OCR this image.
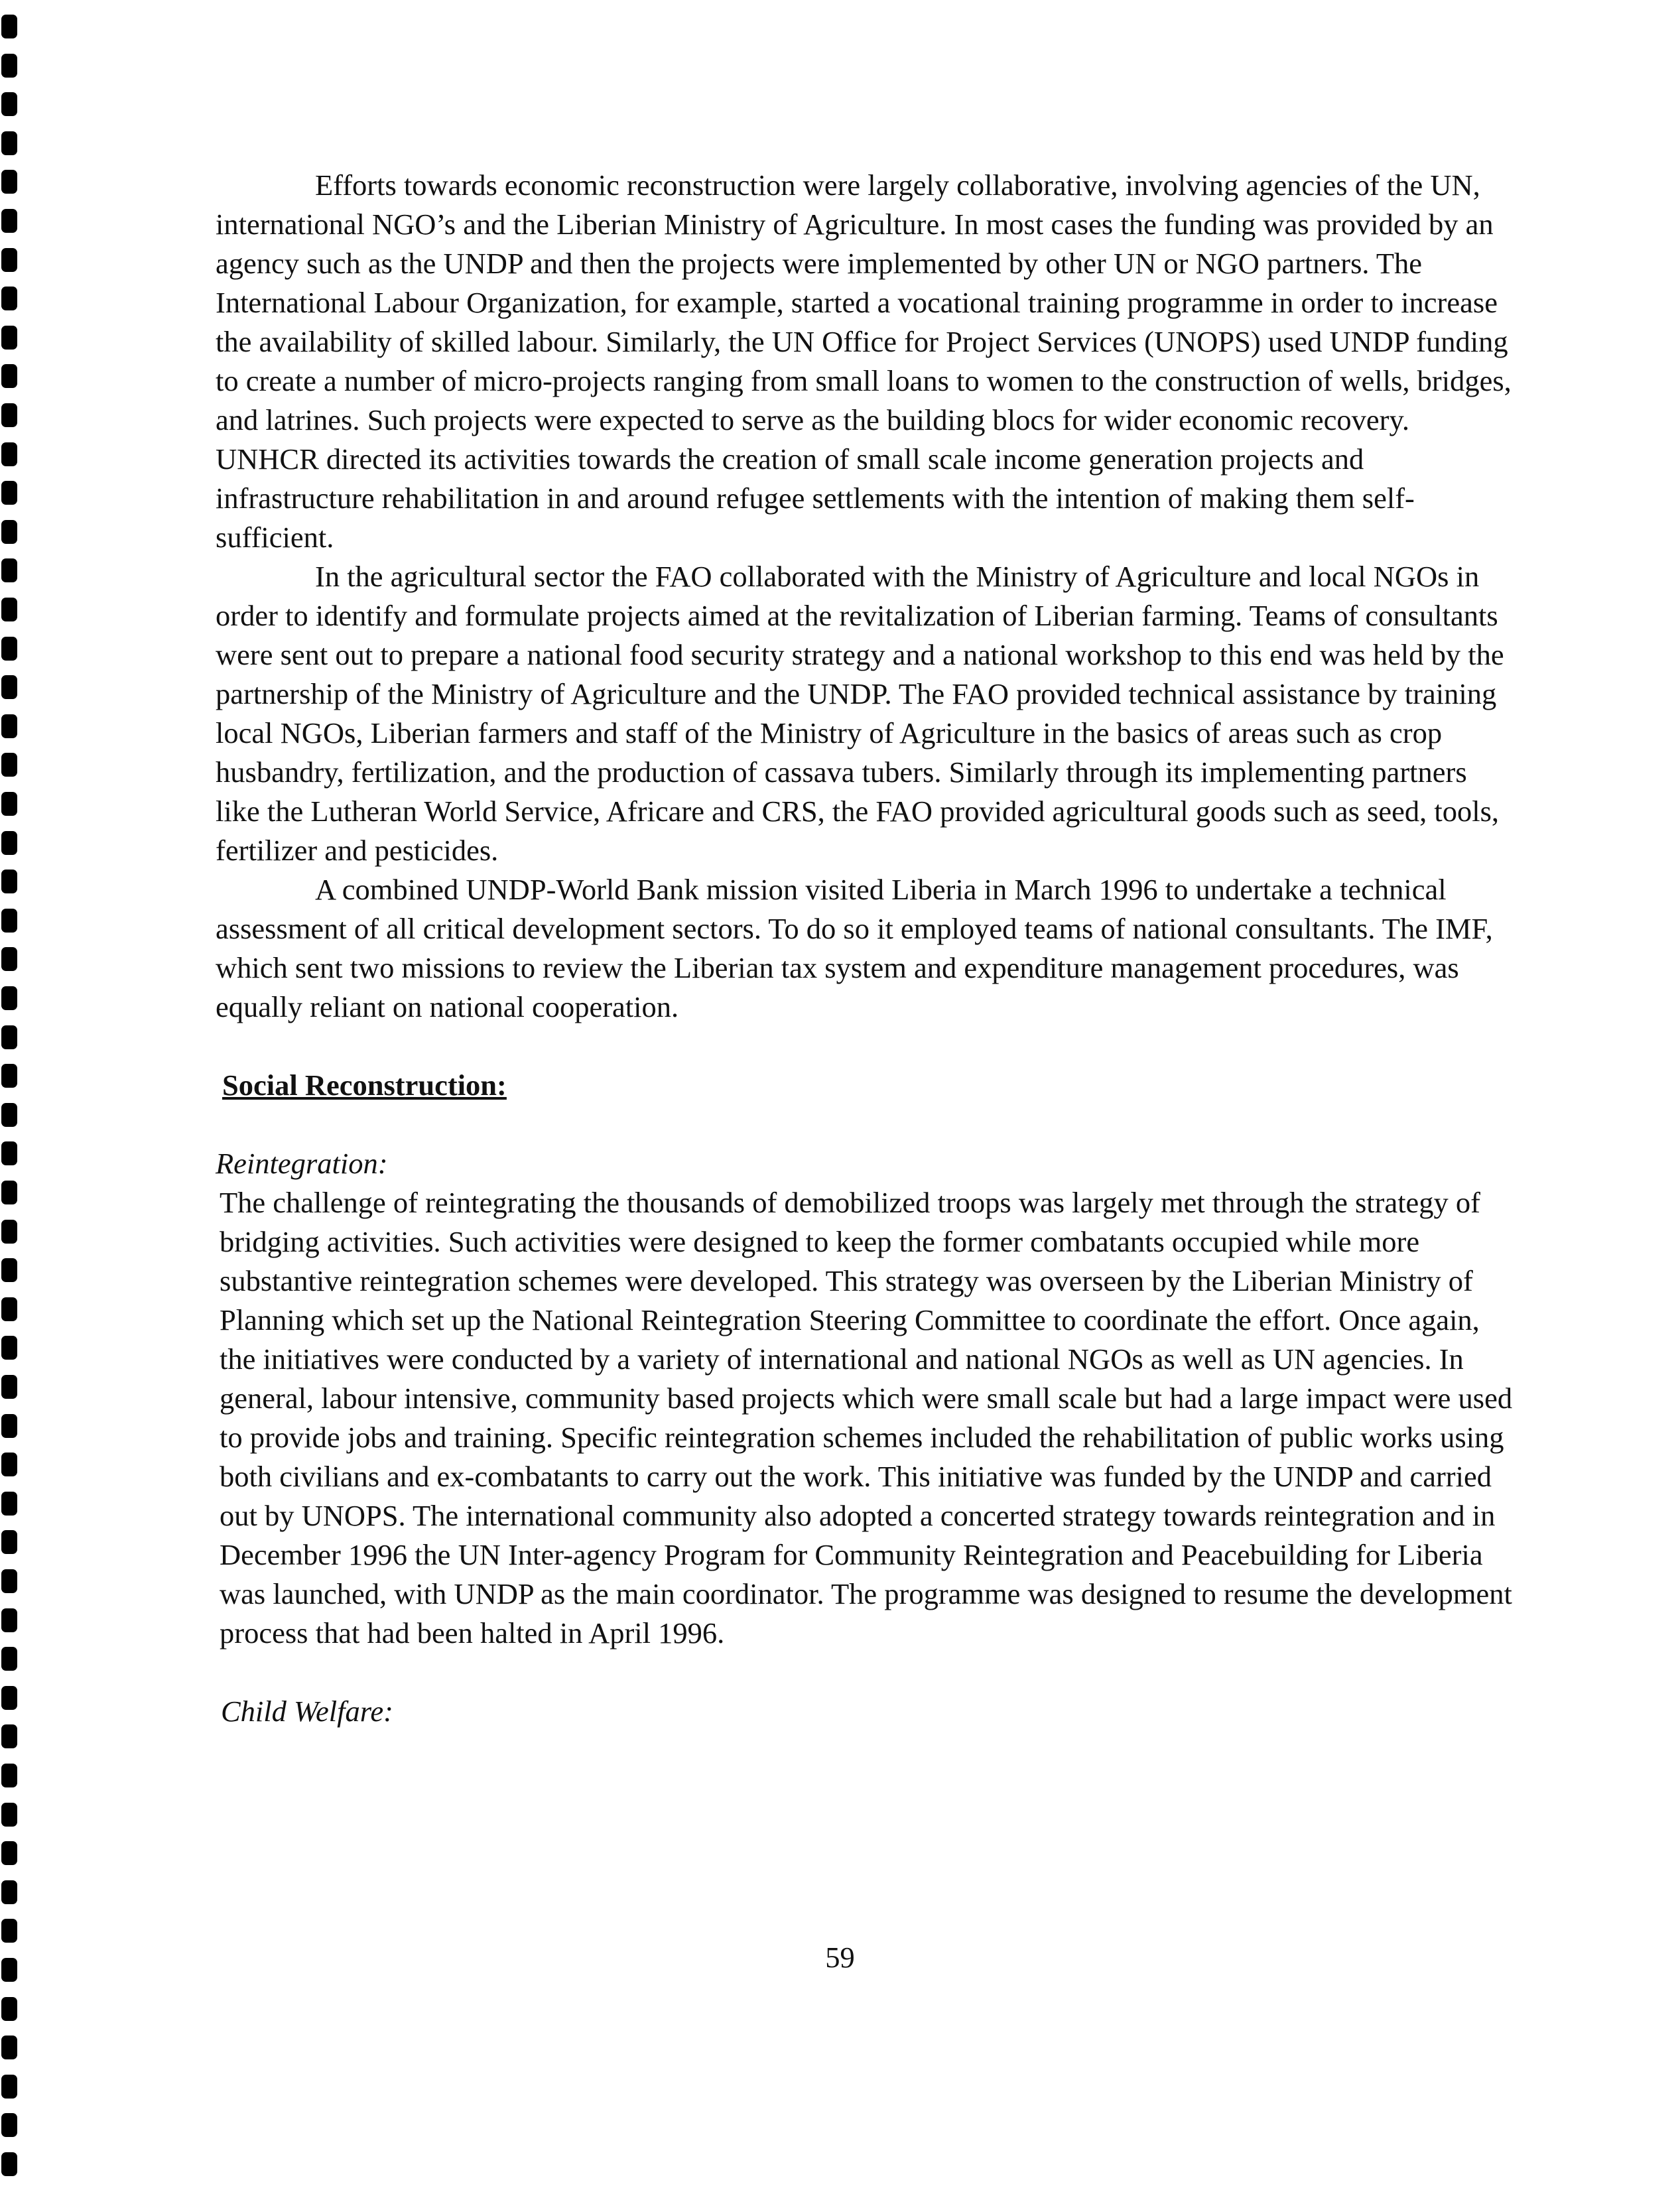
Efforts towards economic reconstruction were largely collaborative, involving agencies of the UN, international NGO’s and the Liberian Ministry of Agriculture. In most cases the funding was provided by an agency such as the UNDP and then the projects were implemented by other UN or NGO partners. The International Labour Organization, for example, started a vocational training programme in order to increase the availability of skilled labour. Similarly, the UN Office for Project Services (UNOPS) used UNDP funding to create a number of micro-projects ranging from small loans to women to the construction of wells, bridges, and latrines. Such projects were expected to serve as the building blocs for wider economic recovery. UNHCR directed its activities towards the creation of small scale income generation projects and infrastructure rehabilitation in and around refugee settlements with the intention of making them self-sufficient.

In the agricultural sector the FAO collaborated with the Ministry of Agriculture and local NGOs in order to identify and formulate projects aimed at the revitalization of Liberian farming. Teams of consultants were sent out to prepare a national food security strategy and a national workshop to this end was held by the partnership of the Ministry of Agriculture and the UNDP. The FAO provided technical assistance by training local NGOs, Liberian farmers and staff of the Ministry of Agriculture in the basics of areas such as crop husbandry, fertilization, and the production of cassava tubers. Similarly through its implementing partners like the Lutheran World Service, Africare and CRS, the FAO provided agricultural goods such as seed, tools, fertilizer and pesticides.

A combined UNDP-World Bank mission visited Liberia in March 1996 to undertake a technical assessment of all critical development sectors. To do so it employed teams of national consultants. The IMF, which sent two missions to review the Liberian tax system and expenditure management procedures, was equally reliant on national cooperation.

Social Reconstruction:

Reintegration:

The challenge of reintegrating the thousands of demobilized troops was largely met through the strategy of bridging activities. Such activities were designed to keep the former combatants occupied while more substantive reintegration schemes were developed. This strategy was overseen by the Liberian Ministry of Planning which set up the National Reintegration Steering Committee to coordinate the effort. Once again, the initiatives were conducted by a variety of international and national NGOs as well as UN agencies. In general, labour intensive, community based projects which were small scale but had a large impact were used to provide jobs and training. Specific reintegration schemes included the rehabilitation of public works using both civilians and ex-combatants to carry out the work. This initiative was funded by the UNDP and carried out by UNOPS. The international community also adopted a concerted strategy towards reintegration and in December 1996 the UN Inter-agency Program for Community Reintegration and Peacebuilding for Liberia was launched, with UNDP as the main coordinator. The programme was designed to resume the development process that had been halted in April 1996.

Child Welfare:

59
